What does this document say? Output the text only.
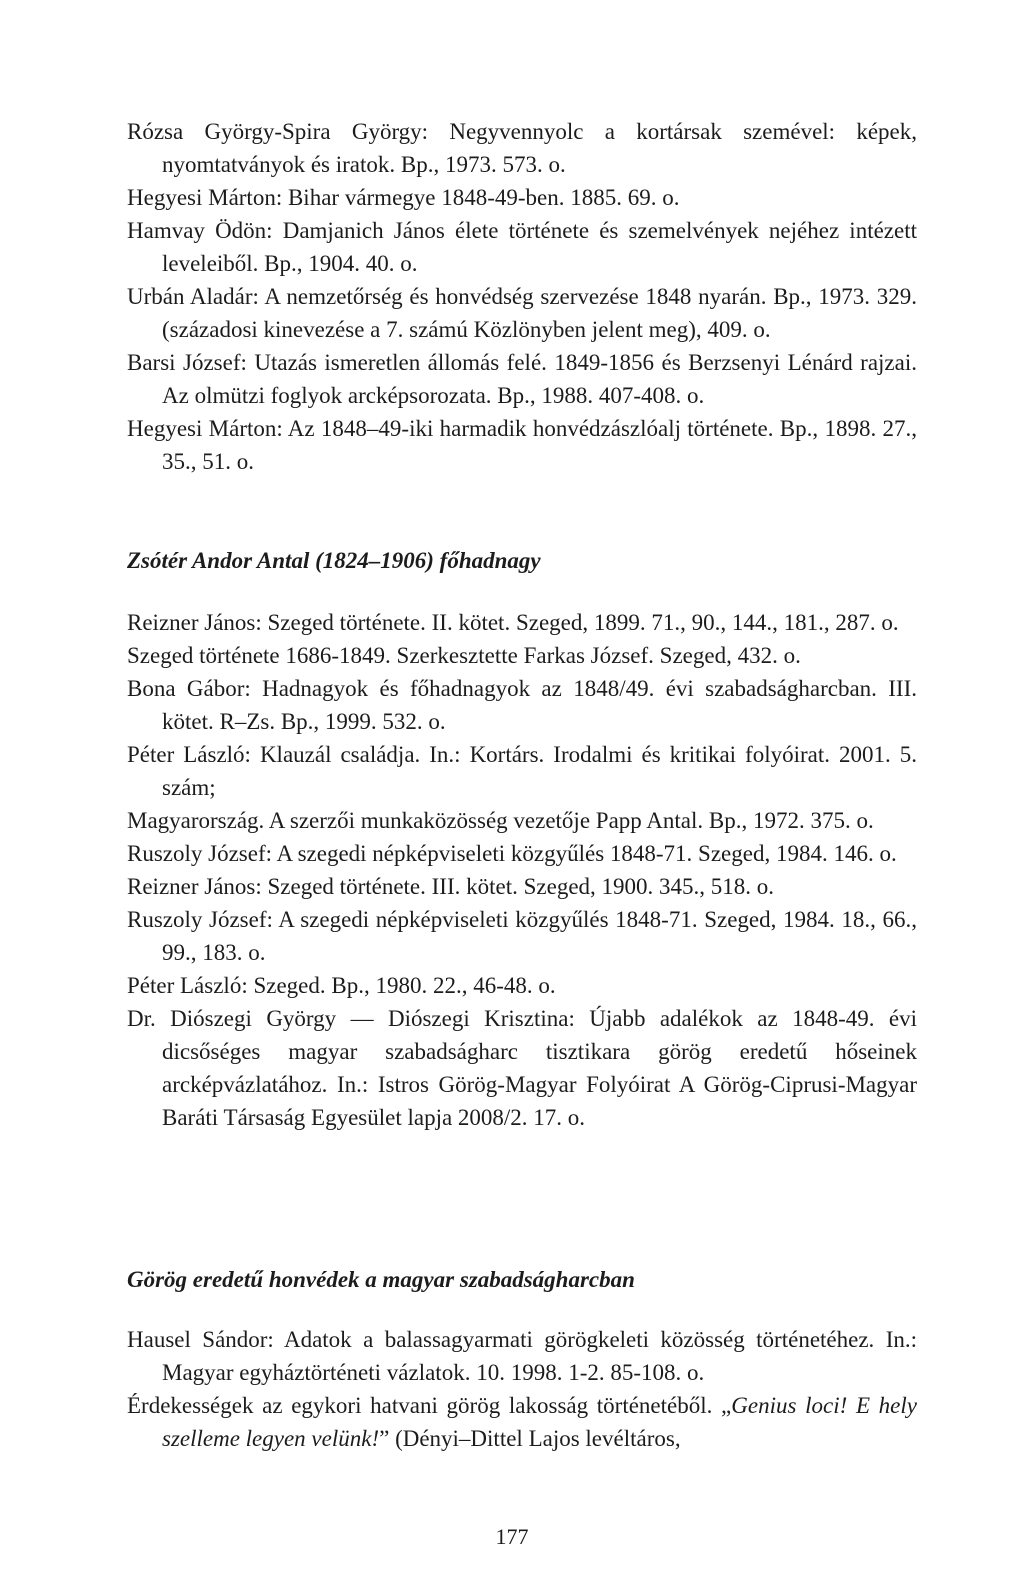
Rózsa György-Spira György: Negyvennyolc a kortársak szemével: képek, nyomtatványok és iratok. Bp., 1973. 573. o.

Hegyesi Márton: Bihar vármegye 1848-49-ben. 1885. 69. o.

Hamvay Ödön: Damjanich János élete története és szemelvények nejéhez intézett leveleiből. Bp., 1904. 40. o.

Urbán Aladár: A nemzetőrség és honvédség szervezése 1848 nyarán. Bp., 1973. 329. (századosi kinevezése a 7. számú Közlönyben jelent meg), 409. o.

Barsi József: Utazás ismeretlen állomás felé. 1849-1856 és Berzsenyi Lénárd rajzai. Az olmützi foglyok arcképsorozata. Bp., 1988. 407-408. o.

Hegyesi Márton: Az 1848–49-iki harmadik honvédzászlóalj története. Bp., 1898. 27., 35., 51. o.

Zsótér Andor Antal (1824–1906) főhadnagy

Reizner János: Szeged története. II. kötet. Szeged, 1899. 71., 90., 144., 181., 287. o.

Szeged története 1686-1849. Szerkesztette Farkas József. Szeged, 432. o.

Bona Gábor: Hadnagyok és főhadnagyok az 1848/49. évi szabadságharcban. III. kötet. R–Zs. Bp., 1999. 532. o.

Péter László: Klauzál családja. In.: Kortárs. Irodalmi és kritikai folyóirat. 2001. 5. szám;

Magyarország. A szerzői munkaközösség vezetője Papp Antal. Bp., 1972. 375. o.

Ruszoly József: A szegedi népképviseleti közgyűlés 1848-71. Szeged, 1984. 146. o.

Reizner János: Szeged története. III. kötet. Szeged, 1900. 345., 518. o.

Ruszoly József: A szegedi népképviseleti közgyűlés 1848-71. Szeged, 1984. 18., 66., 99., 183. o.

Péter László: Szeged. Bp., 1980. 22., 46-48. o.

Dr. Diószegi György — Diószegi Krisztina: Újabb adalékok az 1848-49. évi dicsőséges magyar szabadságharc tisztikara görög eredetű hőseinek arcképvázlatához. In.: Istros Görög-Magyar Folyóirat A Görög-Ciprusi-Magyar Baráti Társaság Egyesület lapja 2008/2. 17. o.

Görög eredetű honvédek a magyar szabadságharcban

Hausel Sándor: Adatok a balassagyarmati görögkeleti közösség történetéhez. In.: Magyar egyháztörténeti vázlatok. 10. 1998. 1-2. 85-108. o.

Érdekességek az egykori hatvani görög lakosság történetéből. „Genius loci! E hely szelleme legyen velünk!” (Dényi–Dittel Lajos levéltáros,

177
